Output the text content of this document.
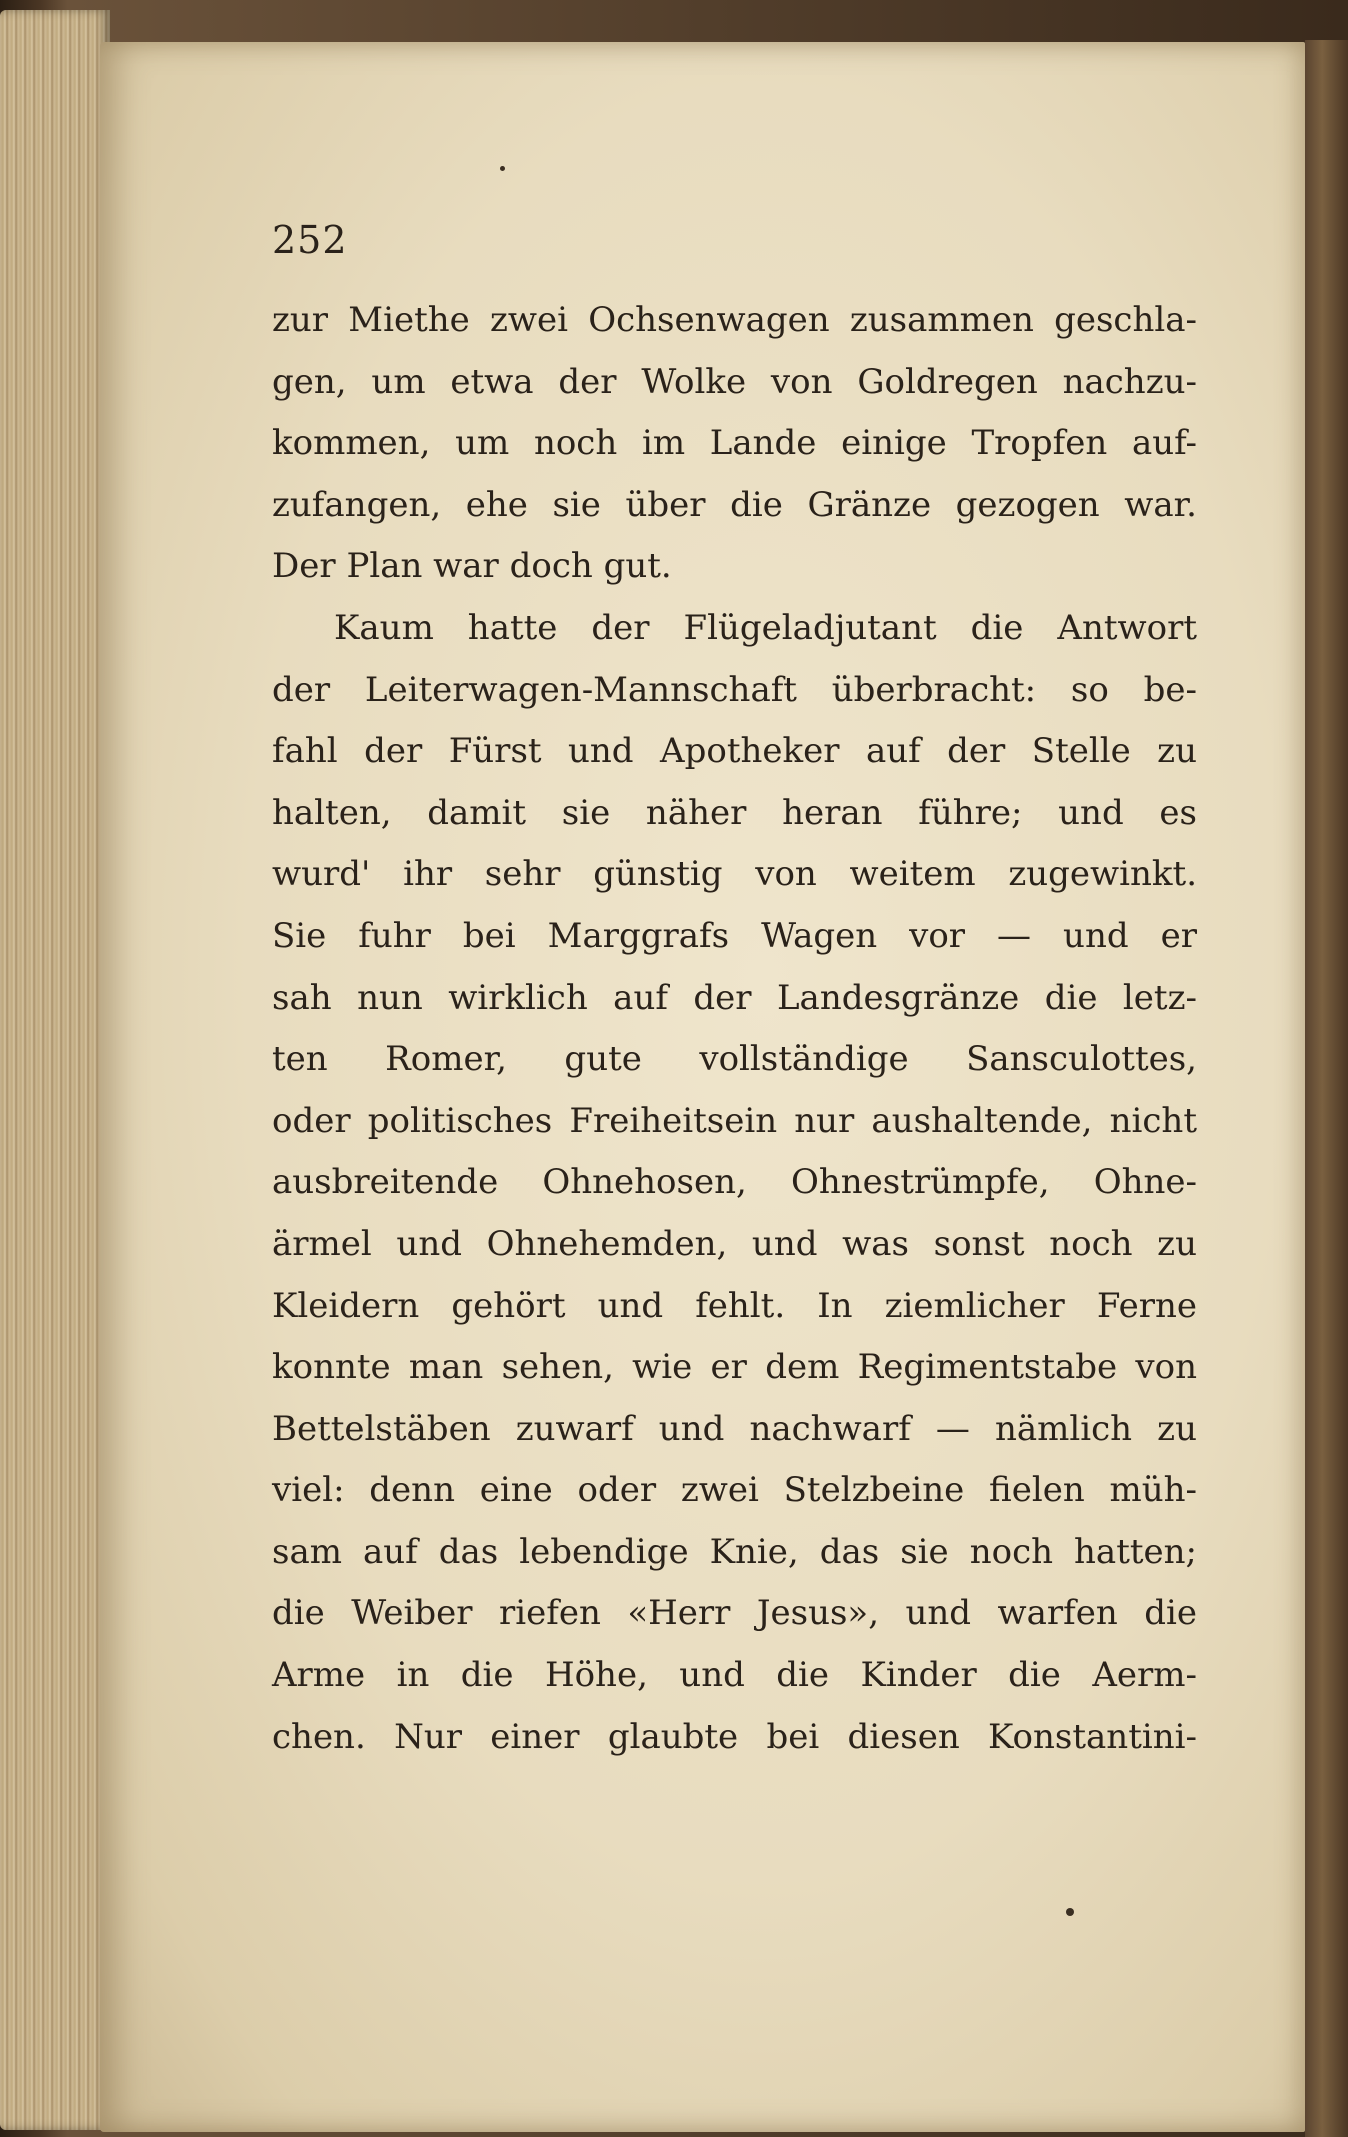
252
zur Miethe zwei Ochsenwagen zusammen geschla-
gen, um etwa der Wolke von Goldregen nachzu-
kommen, um noch im Lande einige Tropfen auf-
zufangen, ehe sie über die Gränze gezogen war.
Der Plan war doch gut.
Kaum hatte der Flügeladjutant die Antwort
der Leiterwagen-Mannschaft überbracht: so be-
fahl der Fürst und Apotheker auf der Stelle zu
halten, damit sie näher heran führe; und es
wurd' ihr sehr günstig von weitem zugewinkt.
Sie fuhr bei Marggrafs Wagen vor — und er
sah nun wirklich auf der Landesgränze die letz-
ten Romer, gute vollständige Sansculottes,
oder politisches Freiheitsein nur aushaltende, nicht
ausbreitende Ohnehosen, Ohnestrümpfe, Ohne-
ärmel und Ohnehemden, und was sonst noch zu
Kleidern gehört und fehlt. In ziemlicher Ferne
konnte man sehen, wie er dem Regimentstabe von
Bettelstäben zuwarf und nachwarf — nämlich zu
viel: denn eine oder zwei Stelzbeine fielen müh-
sam auf das lebendige Knie, das sie noch hatten;
die Weiber riefen «Herr Jesus», und warfen die
Arme in die Höhe, und die Kinder die Aerm-
chen. Nur einer glaubte bei diesen Konstantini-
